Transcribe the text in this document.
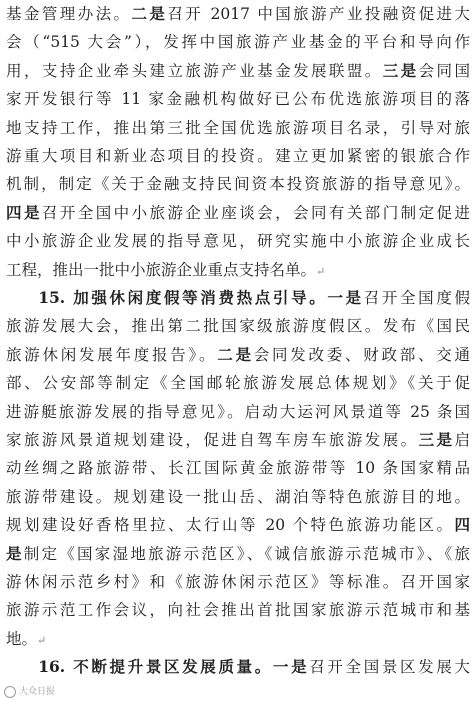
基金管理办法。二是召开 2017 中国旅游产业投融资促进大
会（“515 大会”），发挥中国旅游产业基金的平台和导向作
用，支持企业牵头建立旅游产业基金发展联盟。三是会同国
家开发银行等 11 家金融机构做好已公布优选旅游项目的落
地支持工作，推出第三批全国优选旅游项目名录，引导对旅
游重大项目和新业态项目的投资。建立更加紧密的银旅合作
机制，制定《关于金融支持民间资本投资旅游的指导意见》。
四是召开全国中小旅游企业座谈会，会同有关部门制定促进
中小旅游企业发展的指导意见，研究实施中小旅游企业成长
工程，推出一批中小旅游企业重点支持名单。↵
15. 加强休闲度假等消费热点引导。一是召开全国度假
旅游发展大会，推出第二批国家级旅游度假区。发布《国民
旅游休闲发展年度报告》。二是会同发改委、财政部、交通
部、公安部等制定《全国邮轮旅游发展总体规划》《关于促
进游艇旅游发展的指导意见》。启动大运河风景道等 25 条国
家旅游风景道规划建设，促进自驾车房车旅游发展。三是启
动丝绸之路旅游带、长江国际黄金旅游带等 10 条国家精品
旅游带建设。规划建设一批山岳、湖泊等特色旅游目的地。
规划建设好香格里拉、太行山等 20 个特色旅游功能区。四
是制定《国家湿地旅游示范区》、《诚信旅游示范城市》、《旅
游休闲示范乡村》和《旅游休闲示范区》等标准。召开国家
旅游示范工作会议，向社会推出首批国家旅游示范城市和基
地。↵
16. 不断提升景区发展质量。一是召开全国景区发展大
大众日报
